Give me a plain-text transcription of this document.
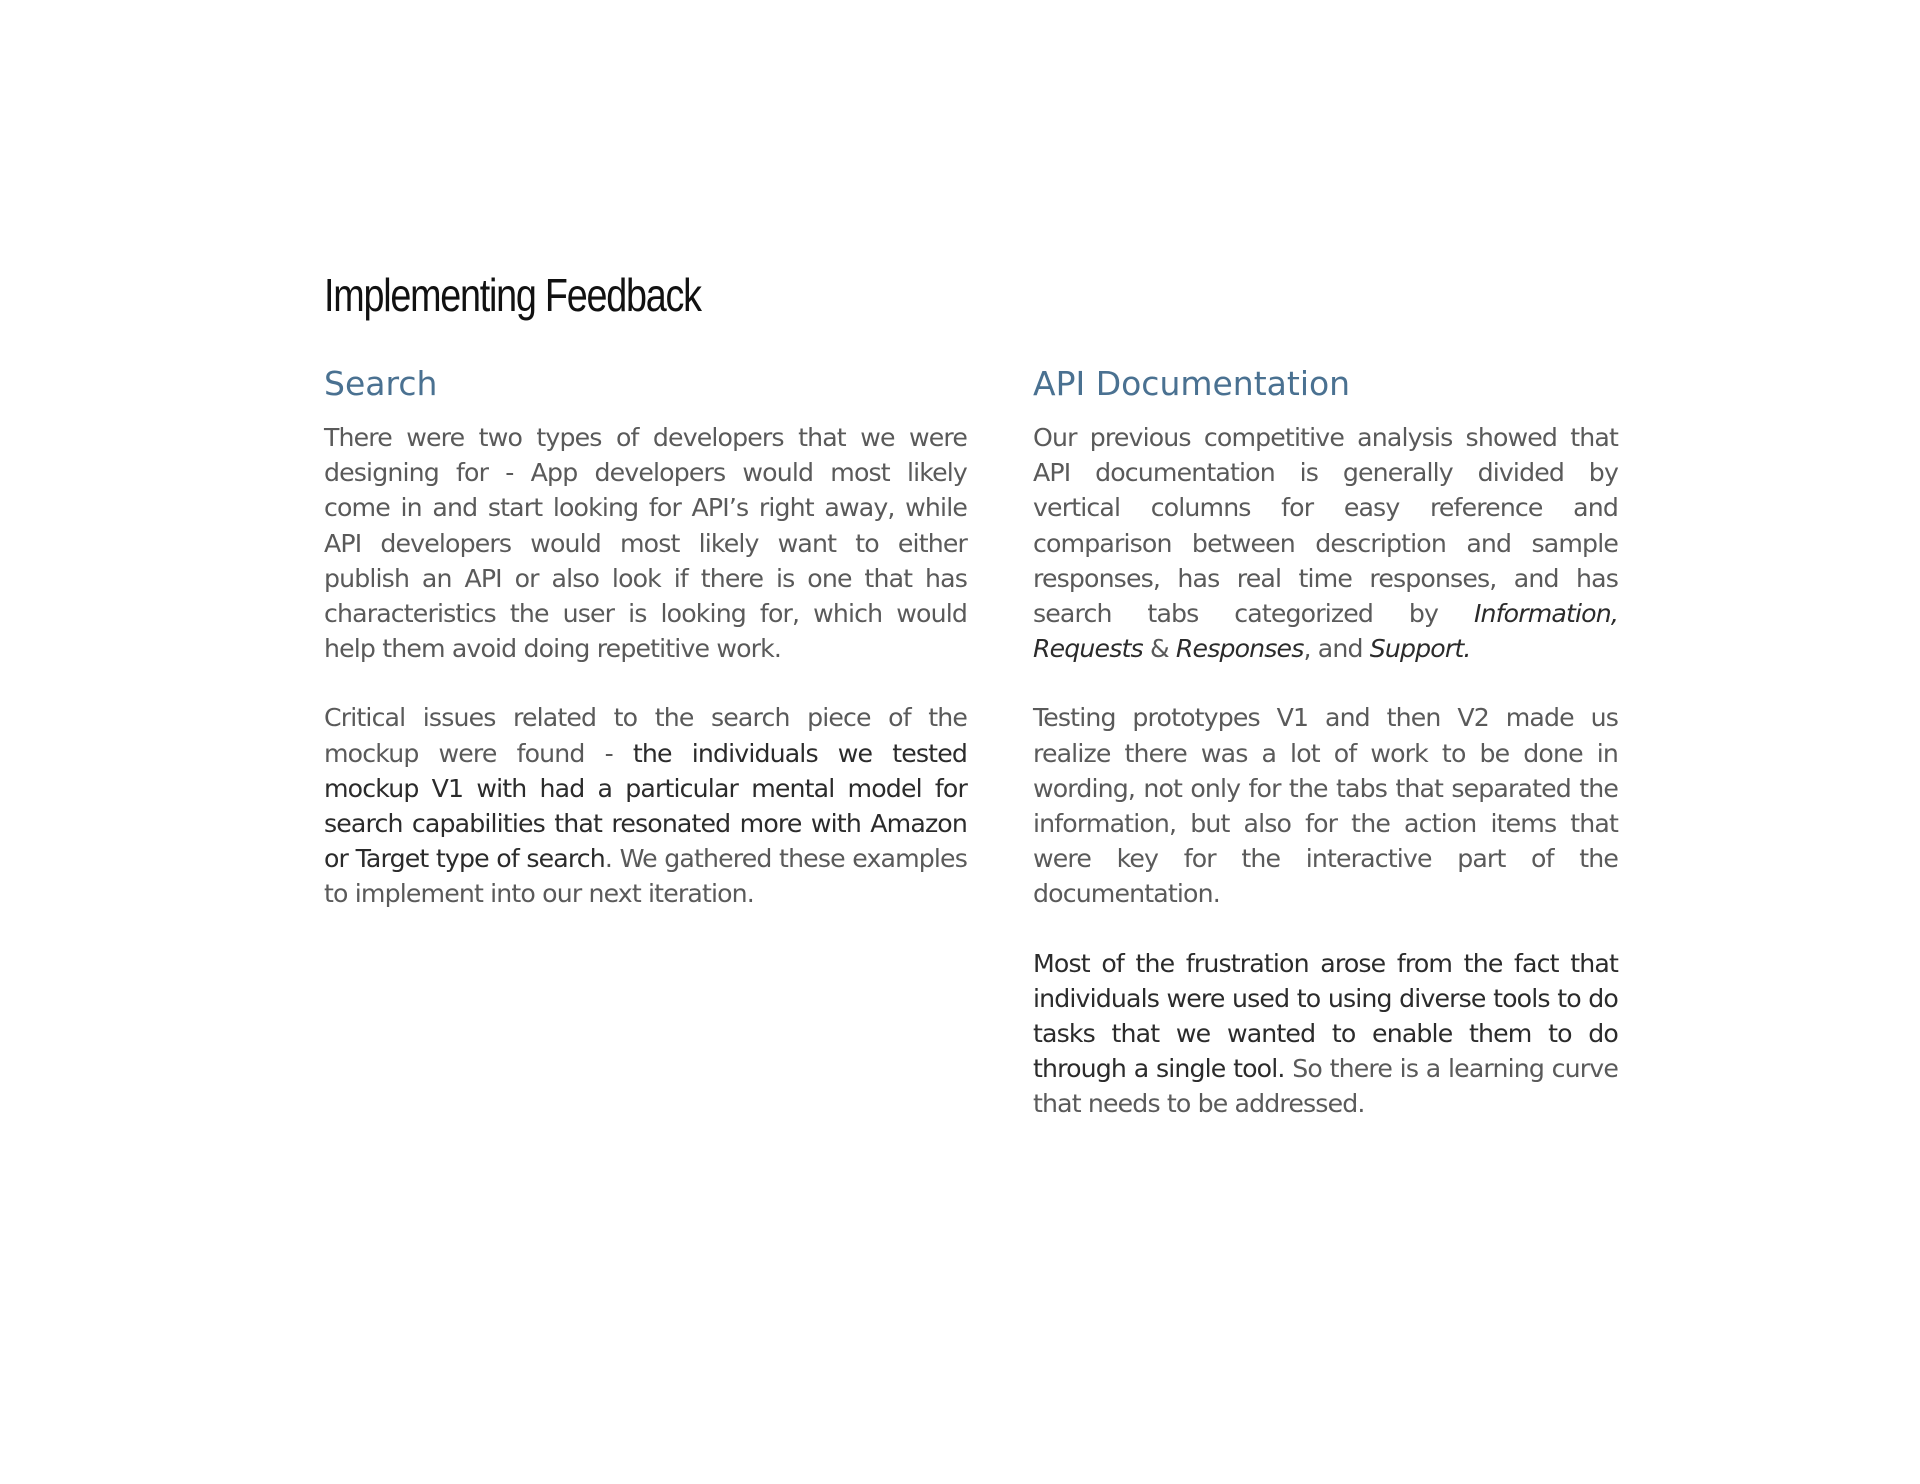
Implementing Feedback
Search

There were two types of developers that we were designing for - App developers would most likely come in and start looking for API’s right away, while API developers would most likely want to either publish an API or also look if there is one that has characteristics the user is looking for, which would help them avoid doing repetitive work.

Critical issues related to the search piece of the mockup were found - the individuals we tested mockup V1 with had a particular mental model for search capabilities that resonated more with Amazon or Target type of search. We gathered these examples to implement into our next iteration.

API Documentation

Our previous competitive analysis showed that API documentation is generally divided by vertical columns for easy reference and comparison between description and sample responses, has real time responses, and has search tabs categorized by Information, Requests & Responses, and Support.

Testing prototypes V1 and then V2 made us realize there was a lot of work to be done in wording, not only for the tabs that separated the information, but also for the action items that were key for the interactive part of the documentation.

Most of the frustration arose from the fact that individuals were used to using diverse tools to do tasks that we wanted to enable them to do through a single tool. So there is a learning curve that needs to be addressed.
